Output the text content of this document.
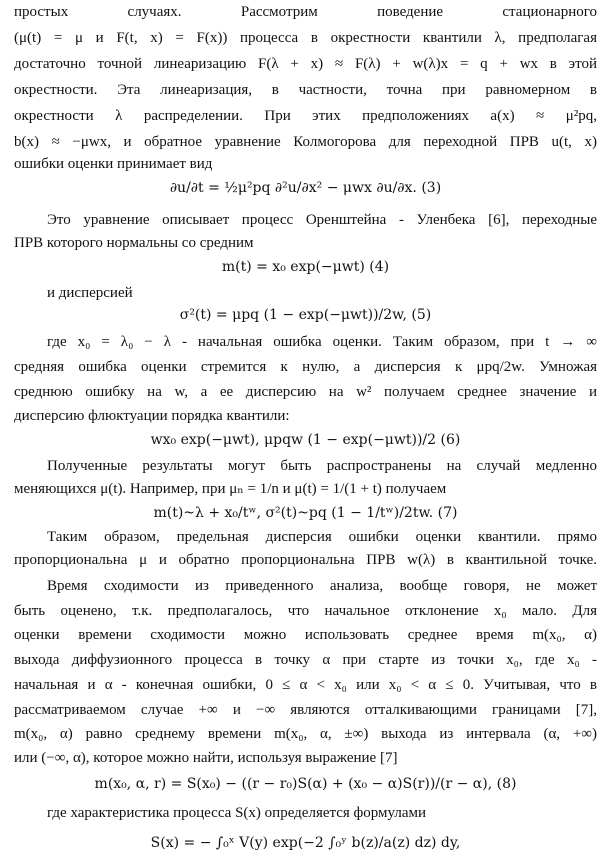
простых случаях. Рассмотрим поведение стационарного
(μ(t) = μ и F(t, x) = F(x)) процесса в окрестности квантили λ, предполагая
достаточно точной линеаризацию F(λ + x) ≈ F(λ) + w(λ)x = q + wx в этой
окрестности. Эта линеаризация, в частности, точна при равномерном в
окрестности λ распределении. При этих предположениях a(x) ≈ μ²pq,
b(x) ≈ −μwx, и обратное уравнение Колмогорова для переходной ПРВ u(t, x)
ошибки оценки принимает вид
∂u/∂t = ½μ²pq ∂²u/∂x² − μwx ∂u/∂x. (3)
Это уравнение описывает процесс Оренштейна - Уленбека [6], переходные
ПРВ которого нормальны со средним
m(t) = x₀ exp(−μwt) (4)
и дисперсией
σ²(t) = μpq (1 − exp(−μwt))/2w, (5)
где x₀ = λ₀ − λ - начальная ошибка оценки. Таким образом, при t → ∞
средняя ошибка оценки стремится к нулю, а дисперсия к μpq/2w. Умножая
среднюю ошибку на w, а ее дисперсию на w² получаем среднее значение и
дисперсию флюктуации порядка квантили:
wx₀ exp(−μwt), μpqw (1 − exp(−μwt))/2 (6)
Полученные результаты могут быть распространены на случай медленно
меняющихся μ(t). Например, при μₙ = 1/n и μ(t) = 1/(1 + t) получаем
m(t)~λ + x₀/tʷ, σ²(t)~pq (1 − 1/tʷ)/2tw. (7)
Таким образом, предельная дисперсия ошибки оценки квантили. прямо
пропорциональна μ и обратно пропорциональна ПРВ w(λ) в квантильной точке.
Время сходимости из приведенного анализа, вообще говоря, не может
быть оценено, т.к. предполагалось, что начальное отклонение x₀ мало. Для
оценки времени сходимости можно использовать среднее время m(x₀, α)
выхода диффузионного процесса в точку α при старте из точки x₀, где x₀ -
начальная и α - конечная ошибки, 0 ≤ α < x₀ или x₀ < α ≤ 0. Учитывая, что в
рассматриваемом случае +∞ и −∞ являются отталкивающими границами [7],
m(x₀, α) равно среднему времени m(x₀, α, ±∞) выхода из интервала (α, +∞)
или (−∞, α), которое можно найти, используя выражение [7]
m(x₀, α, r) = S(x₀) − ((r − r₀)S(α) + (x₀ − α)S(r))/(r − α), (8)
где характеристика процесса S(x) определяется формулами
S(x) = − ∫₀ˣ V(y) exp(−2 ∫₀ʸ b(z)/a(z) dz) dy,
